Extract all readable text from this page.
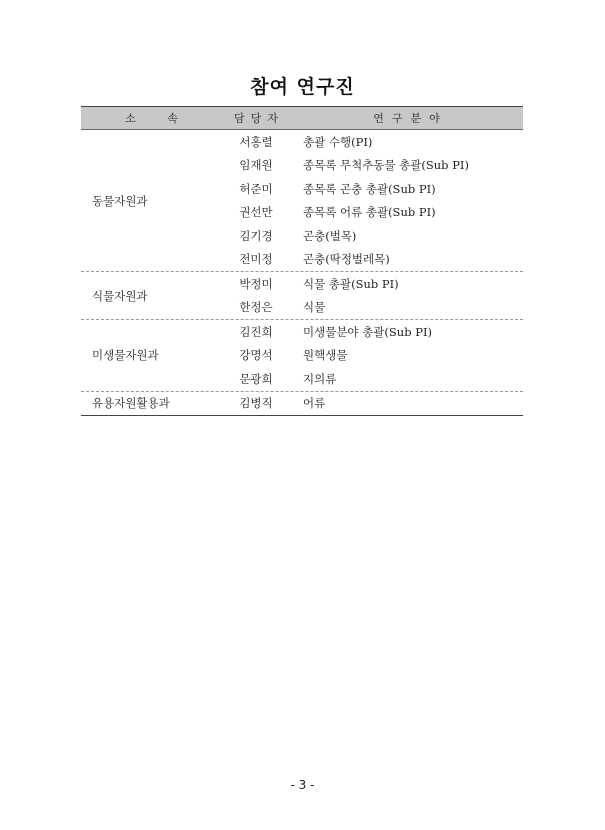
참여 연구진
소 속	담당자	연구분야
동물자원과
서홍렬	총괄 수행(PI)
임재원	종목록 무척추동물 총괄(Sub PI)
허준미	종목록 곤충 총괄(Sub PI)
권선만	종목록 어류 총괄(Sub PI)
김기경	곤충(벌목)
전미정	곤충(딱정벌레목)
식물자원과
박정미	식물 총괄(Sub PI)
한정은	식물
미생물자원과
김진희	미생물분야 총괄(Sub PI)
강명석	원핵생물
문광희	지의류
유용자원활용과	김병직	어류
- 3 -
